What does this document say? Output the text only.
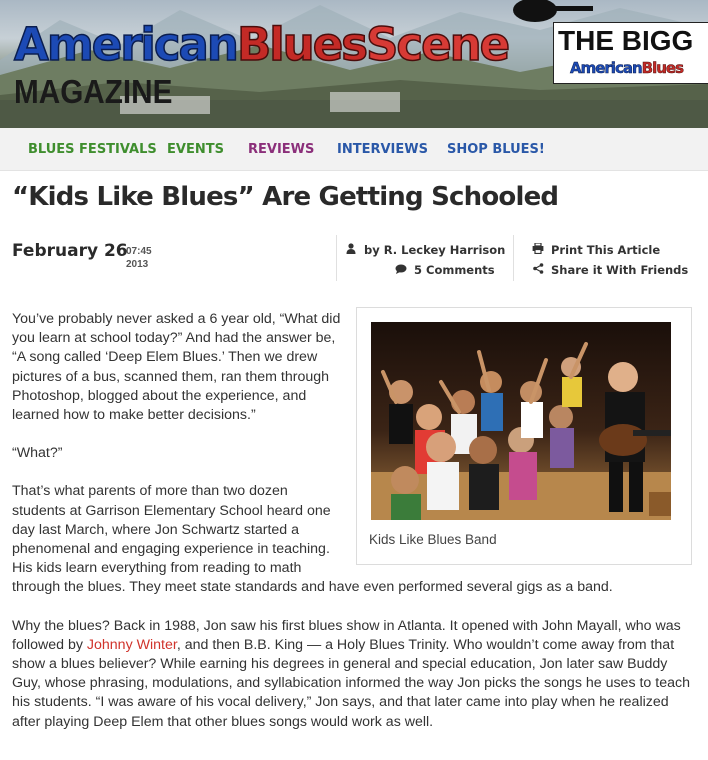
AmericanBluesScene
MAGAZINE
THE BIGG
AmericanBlues
BLUES FESTIVALS EVENTS REVIEWS INTERVIEWS SHOP BLUES!
“Kids Like Blues” Are Getting Schooled
February 26
07:45
2013
by R. Leckey Harrison
5 Comments
Print This Article
Share it With Friends
Kids Like Blues Band

You’ve probably never asked a 6 year old, “What did you learn at school today?” And had the answer be, “A song called ‘Deep Elem Blues.’ Then we drew pictures of a bus, scanned them, ran them through Photoshop, blogged about the experience, and learned how to make better decisions.”

“What?”

That’s what parents of more than two dozen students at Garrison Elementary School heard one day last March, where Jon Schwartz started a phenomenal and engaging experience in teaching. His kids learn everything from reading to math through the blues. They meet state standards and have even performed several gigs as a band.

Why the blues? Back in 1988, Jon saw his first blues show in Atlanta. It opened with John Mayall, who was followed by Johnny Winter, and then B.B. King — a Holy Blues Trinity. Who wouldn’t come away from that show a blues believer? While earning his degrees in general and special education, Jon later saw Buddy Guy, whose phrasing, modulations, and syllabication informed the way Jon picks the songs he uses to teach his students. “I was aware of his vocal delivery,” Jon says, and that later came into play when he realized after playing Deep Elem that other blues songs would work as well.
